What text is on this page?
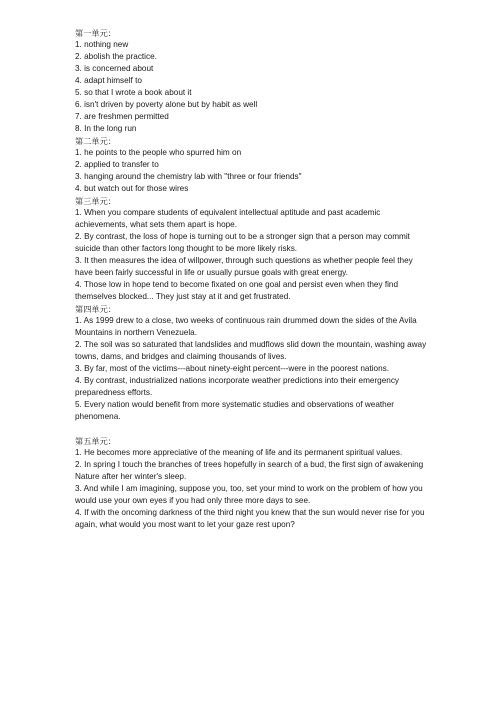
第一单元：
1. nothing new
2. abolish the practice.
3. is concerned about
4. adapt himself to
5. so that I wrote a book about it
6. isn't driven by poverty alone but by habit as well
7. are freshmen permitted
8. In the long run
第二单元：
1. he points to the people who spurred him on
2. applied to transfer to
3. hanging around the chemistry lab with "three or four friends"
4. but watch out for those wires
第三单元：
1. When you compare students of equivalent intellectual aptitude and past academic achievements, what sets them apart is hope.
2. By contrast, the loss of hope is turning out to be a stronger sign that a person may commit suicide than other factors long thought to be more likely risks.
3. It then measures the idea of willpower, through such questions as whether people feel they have been fairly successful in life or usually pursue goals with great energy.
4. Those low in hope tend to become fixated on one goal and persist even when they find themselves blocked... They just stay at it and get frustrated.
第四单元：
1. As 1999 drew to a close, two weeks of continuous rain drummed down the sides of the Avila Mountains in northern Venezuela.
2. The soil was so saturated that landslides and mudflows slid down the mountain, washing away towns, dams, and bridges and claiming thousands of lives.
3. By far, most of the victims---about ninety-eight percent---were in the poorest nations.
4. By contrast, industrialized nations incorporate weather predictions into their emergency preparedness efforts.
5. Every nation would benefit from more systematic studies and observations of weather phenomena.
第五单元：
1. He becomes more appreciative of the meaning of life and its permanent spiritual values.
2. In spring I touch the branches of trees hopefully in search of a bud, the first sign of awakening Nature after her winter's sleep.
3. And while I am imagining, suppose you, too, set your mind to work on the problem of how you would use your own eyes if you had only three more days to see.
4. If with the oncoming darkness of the third night you knew that the sun would never rise for you again, what would you most want to let your gaze rest upon?
